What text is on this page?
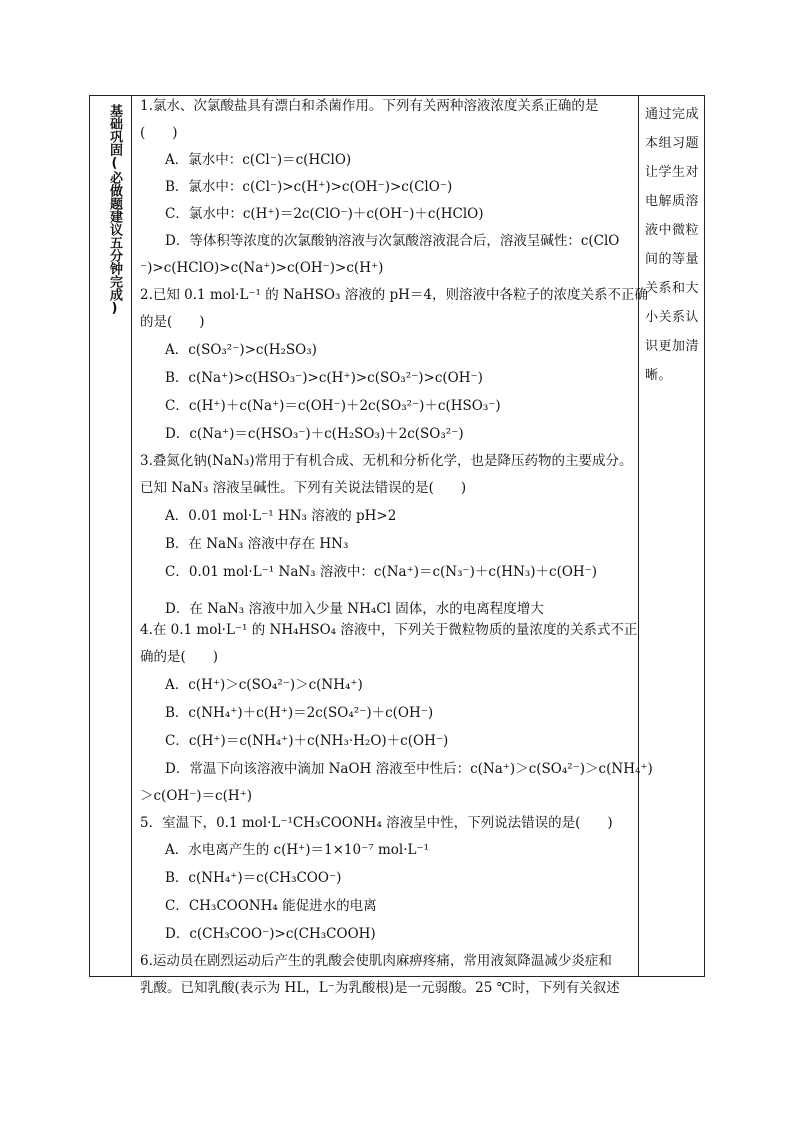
基础巩固(必做题建议五分钟完成)	通过完成本组习题让学生对电解质溶液中微粒间的等量关系和大小关系认识更加清晰。
1.氯水、次氯酸盐具有漂白和杀菌作用。下列有关两种溶液浓度关系正确的是
(　　)
A．氯水中：c(Cl⁻)＝c(HClO)
B．氯水中：c(Cl⁻)>c(H⁺)>c(OH⁻)>c(ClO⁻)
C．氯水中：c(H⁺)＝2c(ClO⁻)＋c(OH⁻)＋c(HClO)
D．等体积等浓度的次氯酸钠溶液与次氯酸溶液混合后，溶液呈碱性：c(ClO
⁻)>c(HClO)>c(Na⁺)>c(OH⁻)>c(H⁺)
2.已知 0.1 mol·L⁻¹ 的 NaHSO₃ 溶液的 pH＝4，则溶液中各粒子的浓度关系不正确
的是(　　)
A．c(SO₃²⁻)>c(H₂SO₃)
B．c(Na⁺)>c(HSO₃⁻)>c(H⁺)>c(SO₃²⁻)>c(OH⁻)
C．c(H⁺)＋c(Na⁺)＝c(OH⁻)＋2c(SO₃²⁻)＋c(HSO₃⁻)
D．c(Na⁺)＝c(HSO₃⁻)＋c(H₂SO₃)＋2c(SO₃²⁻)
3.叠氮化钠(NaN₃)常用于有机合成、无机和分析化学，也是降压药物的主要成分。
已知 NaN₃ 溶液呈碱性。下列有关说法错误的是(　　)
A．0.01 mol·L⁻¹ HN₃ 溶液的 pH>2
B．在 NaN₃ 溶液中存在 HN₃
C．0.01 mol·L⁻¹ NaN₃ 溶液中：c(Na⁺)＝c(N₃⁻)＋c(HN₃)＋c(OH⁻)
D．在 NaN₃ 溶液中加入少量 NH₄Cl 固体，水的电离程度增大
4.在 0.1 mol·L⁻¹ 的 NH₄HSO₄ 溶液中，下列关于微粒物质的量浓度的关系式不正
确的是(　　)
A．c(H⁺)＞c(SO₄²⁻)＞c(NH₄⁺)
B．c(NH₄⁺)＋c(H⁺)＝2c(SO₄²⁻)＋c(OH⁻)
C．c(H⁺)＝c(NH₄⁺)＋c(NH₃·H₂O)＋c(OH⁻)
D．常温下向该溶液中滴加 NaOH 溶液至中性后：c(Na⁺)＞c(SO₄²⁻)＞c(NH₄⁺)
＞c(OH⁻)＝c(H⁺)
5．室温下，0.1 mol·L⁻¹CH₃COONH₄ 溶液呈中性，下列说法错误的是(　　)
A．水电离产生的 c(H⁺)＝1×10⁻⁷ mol·L⁻¹
B．c(NH₄⁺)＝c(CH₃COO⁻)
C．CH₃COONH₄ 能促进水的电离
D．c(CH₃COO⁻)>c(CH₃COOH)
6.运动员在剧烈运动后产生的乳酸会使肌肉麻痹疼痛，常用液氮降温减少炎症和
乳酸。已知乳酸(表示为 HL，L⁻为乳酸根)是一元弱酸。25 ℃时，下列有关叙述
